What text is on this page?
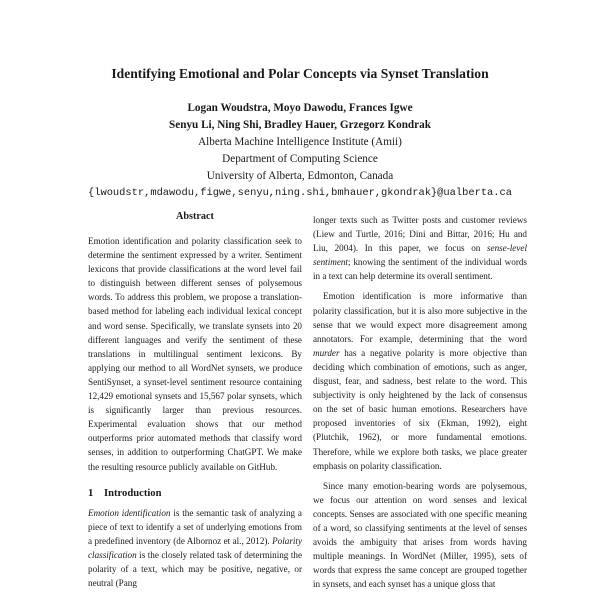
Identifying Emotional and Polar Concepts via Synset Translation
Logan Woudstra, Moyo Dawodu, Frances Igwe
Senyu Li, Ning Shi, Bradley Hauer, Grzegorz Kondrak
Alberta Machine Intelligence Institute (Amii)
Department of Computing Science
University of Alberta, Edmonton, Canada
{lwoudstr,mdawodu,figwe,senyu,ning.shi,bmhauer,gkondrak}@ualberta.ca
Abstract

Emotion identification and polarity classification seek to determine the sentiment expressed by a writer. Sentiment lexicons that provide classifications at the word level fail to distinguish between different senses of polysemous words. To address this problem, we propose a translation-based method for labeling each individual lexical concept and word sense. Specifically, we translate synsets into 20 different languages and verify the sentiment of these translations in multilingual sentiment lexicons. By applying our method to all WordNet synsets, we produce SentiSynset, a synset-level sentiment resource containing 12,429 emotional synsets and 15,567 polar synsets, which is significantly larger than previous resources. Experimental evaluation shows that our method outperforms prior automated methods that classify word senses, in addition to outperforming ChatGPT. We make the resulting resource publicly available on GitHub.

1 Introduction

Emotion identification is the semantic task of analyzing a piece of text to identify a set of underlying emotions from a predefined inventory (de Albornoz et al., 2012). Polarity classification is the closely related task of determining the polarity of a text, which may be positive, negative, or neutral (Pang

longer texts such as Twitter posts and customer reviews (Liew and Turtle, 2016; Dini and Bittar, 2016; Hu and Liu, 2004). In this paper, we focus on sense-level sentiment; knowing the sentiment of the individual words in a text can help determine its overall sentiment.

Emotion identification is more informative than polarity classification, but it is also more subjective in the sense that we would expect more disagreement among annotators. For example, determining that the word murder has a negative polarity is more objective than deciding which combination of emotions, such as anger, disgust, fear, and sadness, best relate to the word. This subjectivity is only heightened by the lack of consensus on the set of basic human emotions. Researchers have proposed inventories of six (Ekman, 1992), eight (Plutchik, 1962), or more fundamental emotions. Therefore, while we explore both tasks, we place greater emphasis on polarity classification.

Since many emotion-bearing words are polysemous, we focus our attention on word senses and lexical concepts. Senses are associated with one specific meaning of a word, so classifying sentiments at the level of senses avoids the ambiguity that arises from words having multiple meanings. In WordNet (Miller, 1995), sets of words that express the same concept are grouped together in synsets, and each synset has a unique gloss that
